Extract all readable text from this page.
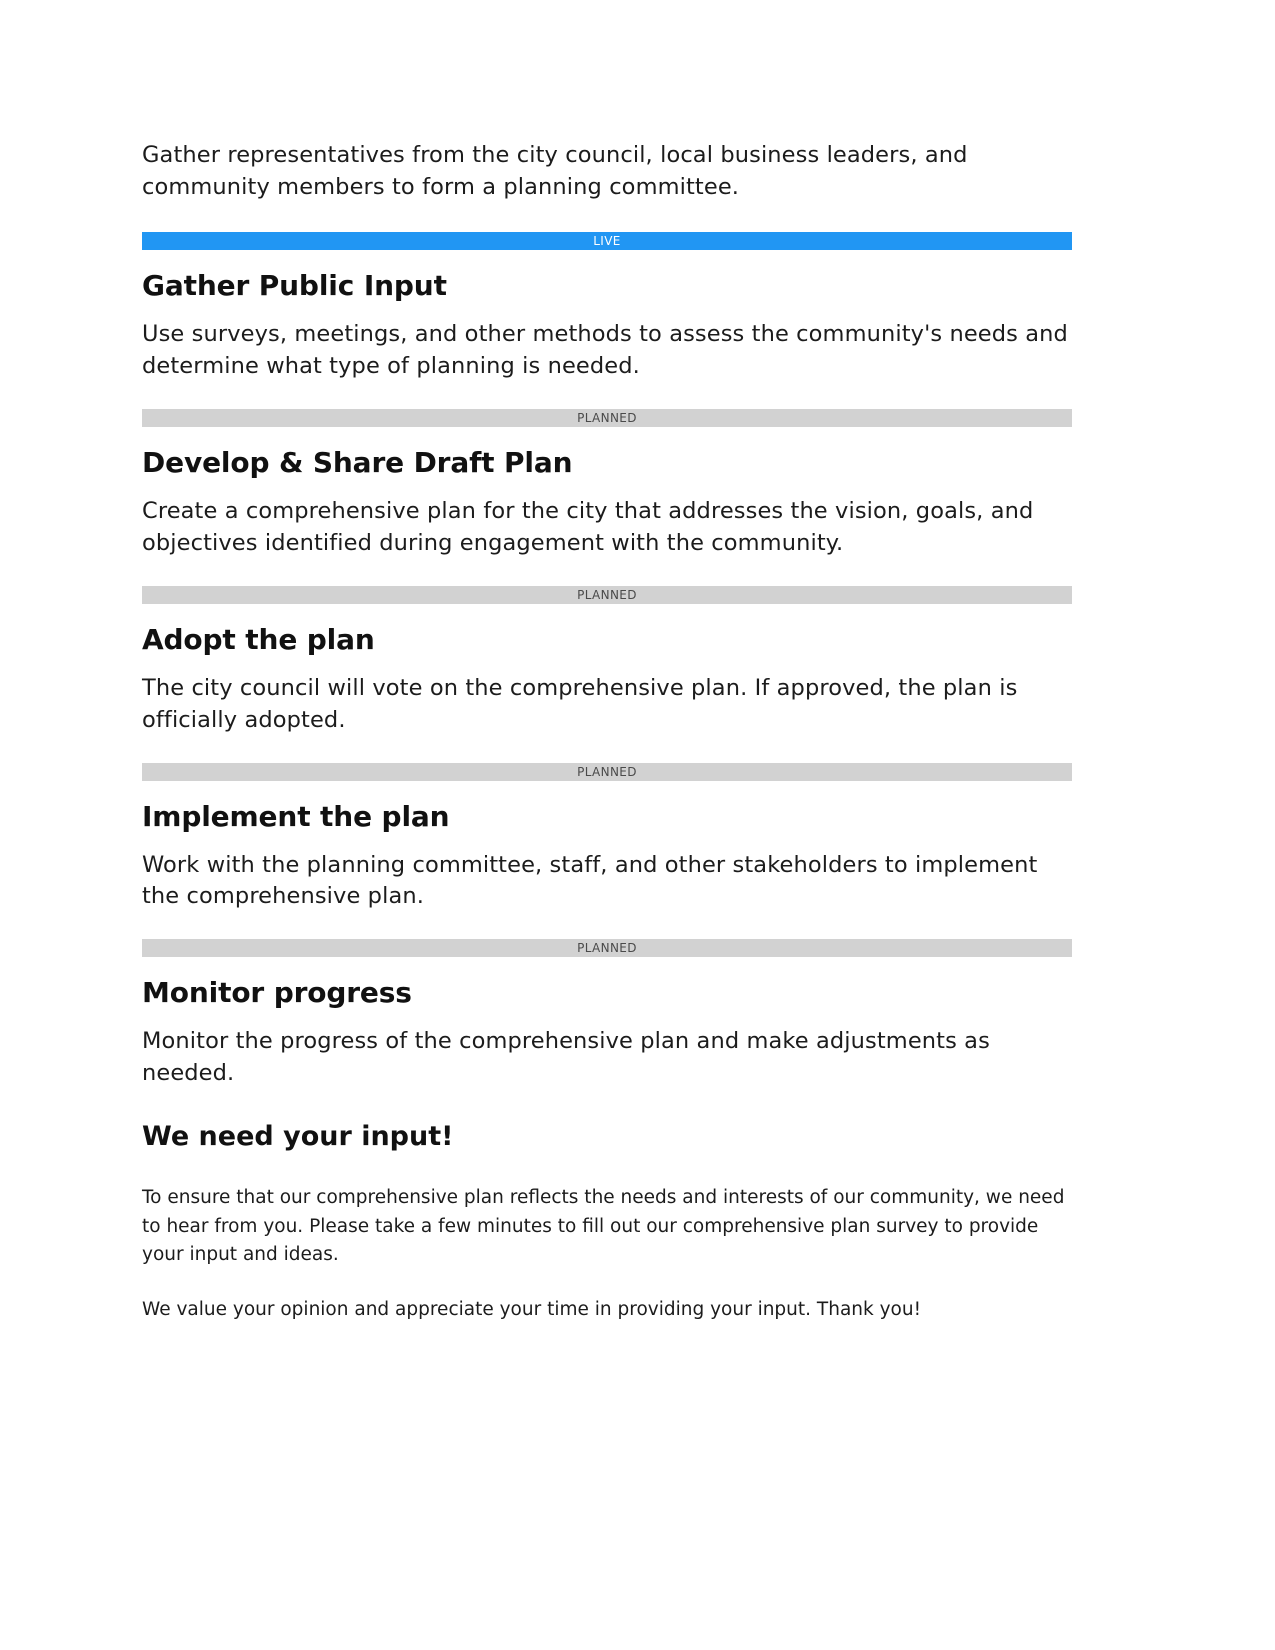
Gather representatives from the city council, local business leaders, and community members to form a planning committee.

LIVE
Gather Public Input

Use surveys, meetings, and other methods to assess the community's needs and determine what type of planning is needed.

PLANNED
Develop & Share Draft Plan

Create a comprehensive plan for the city that addresses the vision, goals, and objectives identified during engagement with the community.

PLANNED
Adopt the plan

The city council will vote on the comprehensive plan. If approved, the plan is officially adopted.

PLANNED
Implement the plan

Work with the planning committee, staff, and other stakeholders to implement the comprehensive plan.

PLANNED
Monitor progress

Monitor the progress of the comprehensive plan and make adjustments as needed.

We need your input!

To ensure that our comprehensive plan reflects the needs and interests of our community, we need to hear from you. Please take a few minutes to fill out our comprehensive plan survey to provide your input and ideas.

We value your opinion and appreciate your time in providing your input. Thank you!
